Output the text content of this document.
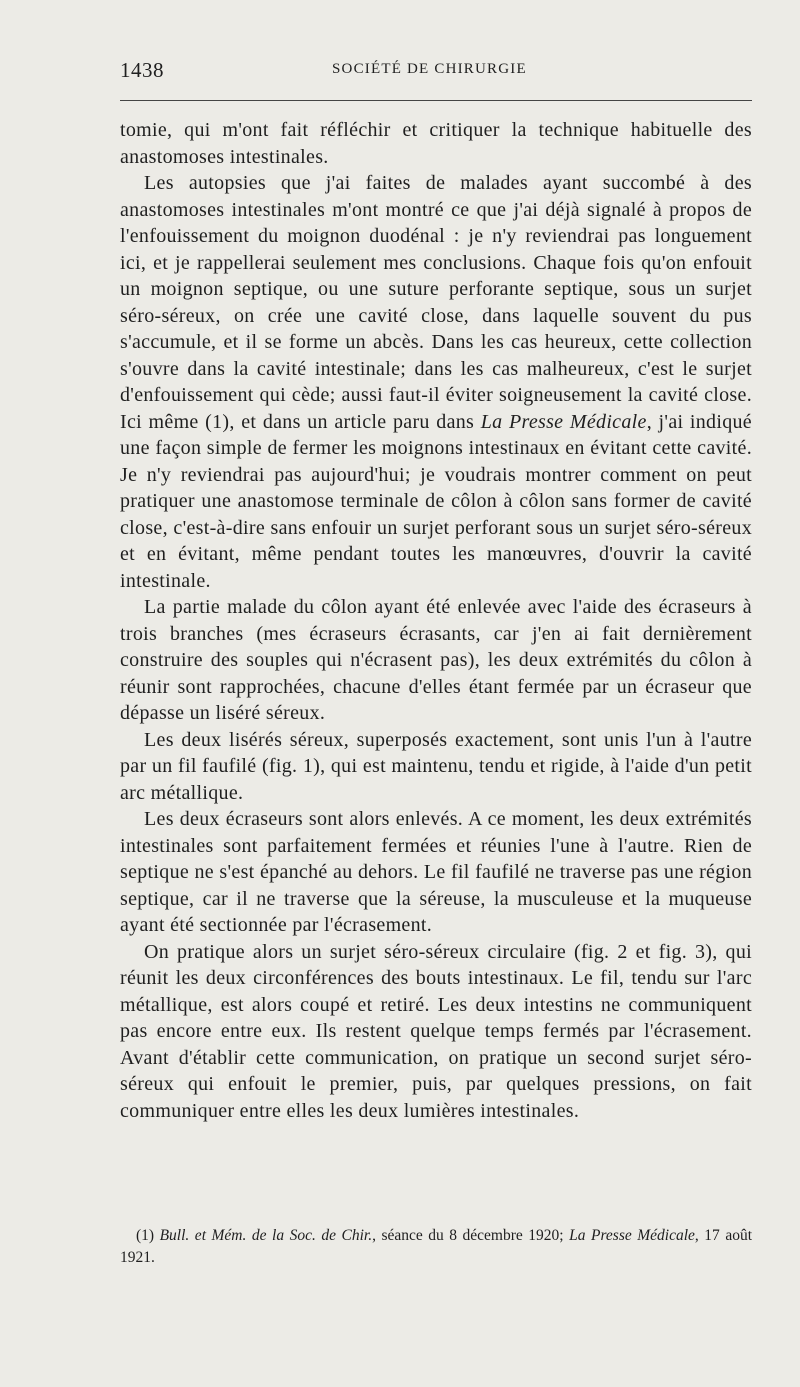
1438	SOCIÉTÉ DE CHIRURGIE

tomie, qui m'ont fait réfléchir et critiquer la technique habituelle des anastomoses intestinales.

Les autopsies que j'ai faites de malades ayant succombé à des anastomoses intestinales m'ont montré ce que j'ai déjà signalé à propos de l'enfouissement du moignon duodénal : je n'y reviendrai pas longuement ici, et je rappellerai seulement mes conclusions. Chaque fois qu'on enfouit un moignon septique, ou une suture perforante septique, sous un surjet séro-séreux, on crée une cavité close, dans laquelle souvent du pus s'accumule, et il se forme un abcès. Dans les cas heureux, cette collection s'ouvre dans la cavité intestinale; dans les cas malheureux, c'est le surjet d'enfouissement qui cède; aussi faut-il éviter soigneusement la cavité close. Ici même (1), et dans un article paru dans La Presse Médicale, j'ai indiqué une façon simple de fermer les moignons intestinaux en évitant cette cavité. Je n'y reviendrai pas aujourd'hui; je voudrais montrer comment on peut pratiquer une anastomose terminale de côlon à côlon sans former de cavité close, c'est-à-dire sans enfouir un surjet perforant sous un surjet séro-séreux et en évitant, même pendant toutes les manœuvres, d'ouvrir la cavité intestinale.

La partie malade du côlon ayant été enlevée avec l'aide des écraseurs à trois branches (mes écraseurs écrasants, car j'en ai fait dernièrement construire des souples qui n'écrasent pas), les deux extrémités du côlon à réunir sont rapprochées, chacune d'elles étant fermée par un écraseur que dépasse un liséré séreux.

Les deux lisérés séreux, superposés exactement, sont unis l'un à l'autre par un fil faufilé (fig. 1), qui est maintenu, tendu et rigide, à l'aide d'un petit arc métallique.

Les deux écraseurs sont alors enlevés. A ce moment, les deux extrémités intestinales sont parfaitement fermées et réunies l'une à l'autre. Rien de septique ne s'est épanché au dehors. Le fil faufilé ne traverse pas une région septique, car il ne traverse que la séreuse, la musculeuse et la muqueuse ayant été sectionnée par l'écrasement.

On pratique alors un surjet séro-séreux circulaire (fig. 2 et fig. 3), qui réunit les deux circonférences des bouts intestinaux. Le fil, tendu sur l'arc métallique, est alors coupé et retiré. Les deux intestins ne communiquent pas encore entre eux. Ils restent quelque temps fermés par l'écrasement. Avant d'établir cette communication, on pratique un second surjet séro-séreux qui enfouit le premier, puis, par quelques pressions, on fait communiquer entre elles les deux lumières intestinales.

(1) Bull. et Mém. de la Soc. de Chir., séance du 8 décembre 1920; La Presse Médicale, 17 août 1921.
